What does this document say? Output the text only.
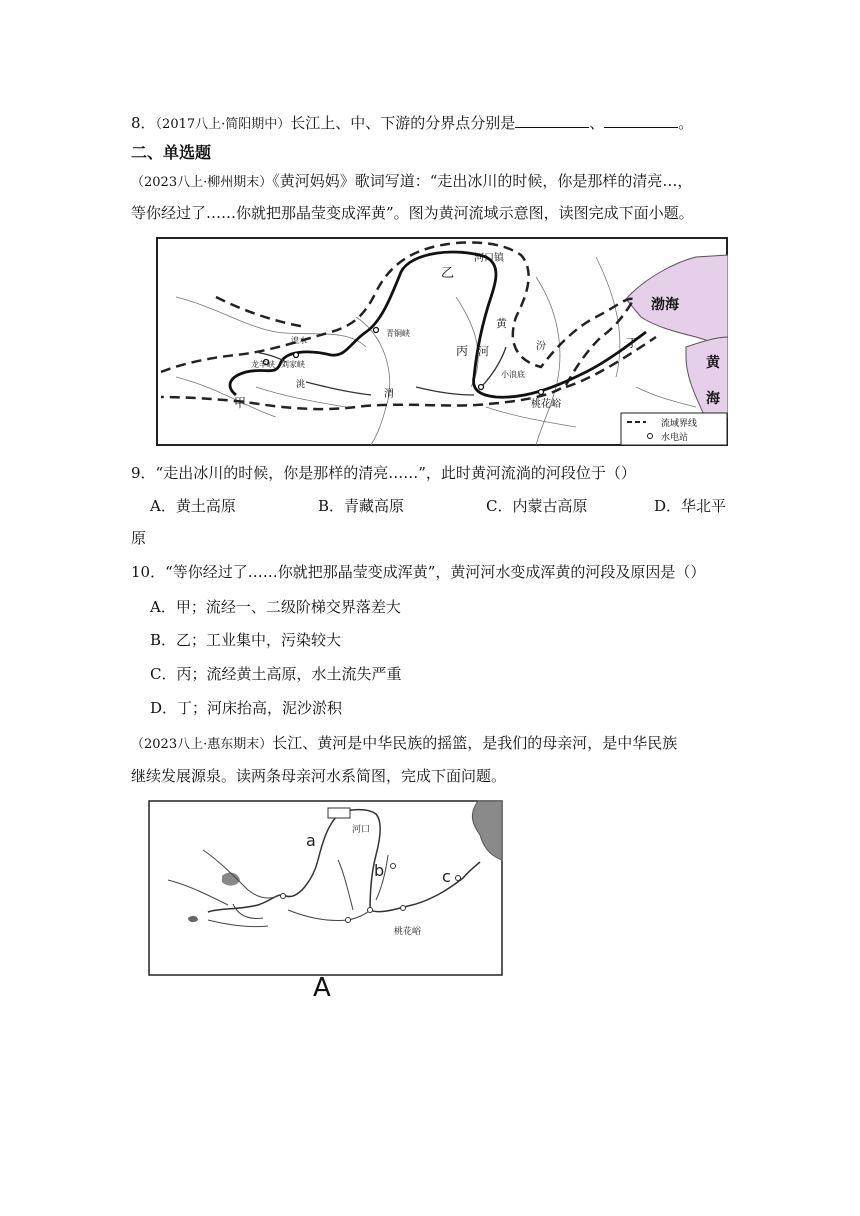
8．（2017八上·简阳期中）长江上、中、下游的分界点分别是	、	。
二、单选题
（2023八上·柳州期末）《黄河妈妈》歌词写道：“走出冰川的时候，你是那样的清亮…，
等你经过了……你就把那晶莹变成浑黄”。图为黄河流域示意图，读图完成下面小题。
河口镇
乙
渤海
黄
海
青铜峡
丙
黄
河	汾
小浪底
桃花峪
丁
甲
龙羊峡 刘家峡
洮
渭
湟水
流域界线
水电站
9．“走出冰川的时候，你是那样的清亮……”，此时黄河流淌的河段位于（）
A．黄土高原	B．青藏高原	C．内蒙古高原	D．华北平
原
10．“等你经过了……你就把那晶莹变成浑黄”，黄河河水变成浑黄的河段及原因是（）
A．甲；流经一、二级阶梯交界落差大
B．乙；工业集中，污染较大
C．丙；流经黄土高原，水土流失严重
D．丁；河床抬高，泥沙淤积
（2023八上·惠东期末）长江、黄河是中华民族的摇篮，是我们的母亲河，是中华民族
继续发展源泉。读两条母亲河水系简图，完成下面问题。
河口
a
b	c
桃花峪
A
